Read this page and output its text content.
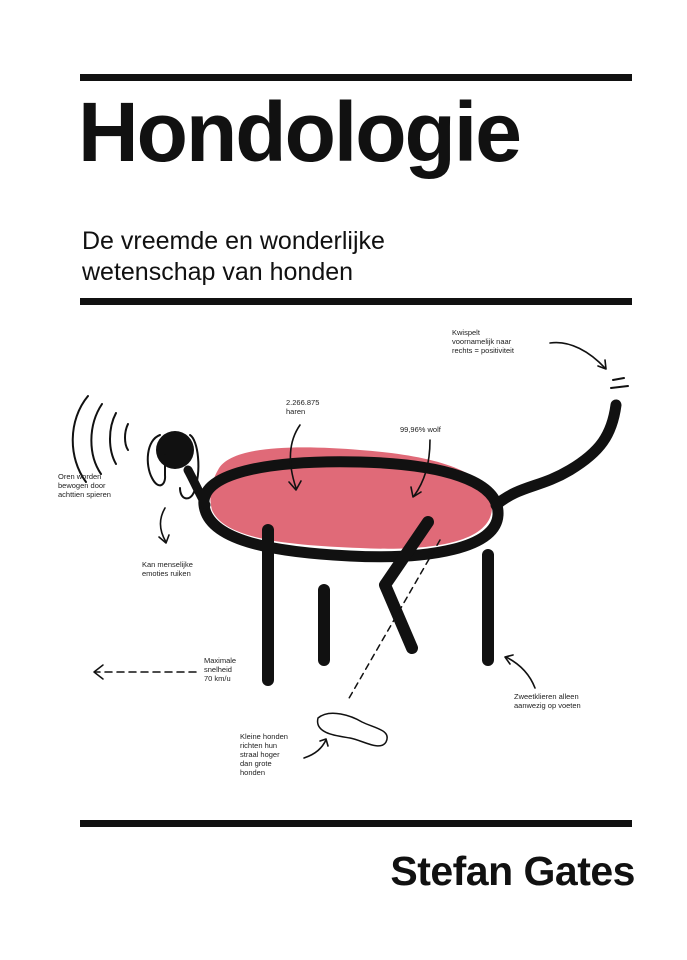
Hondologie
De vreemde en wonderlijke
wetenschap van honden
Kwispelt
voornamelijk naar
rechts = positiviteit
2.266.875
haren
99,96% wolf
Oren worden
bewogen door
achttien spieren
Kan menselijke
emoties ruiken
Maximale
snelheid
70 km/u
Zweetklieren alleen
aanwezig op voeten
Kleine honden
richten hun
straal hoger
dan grote
honden
Stefan Gates
